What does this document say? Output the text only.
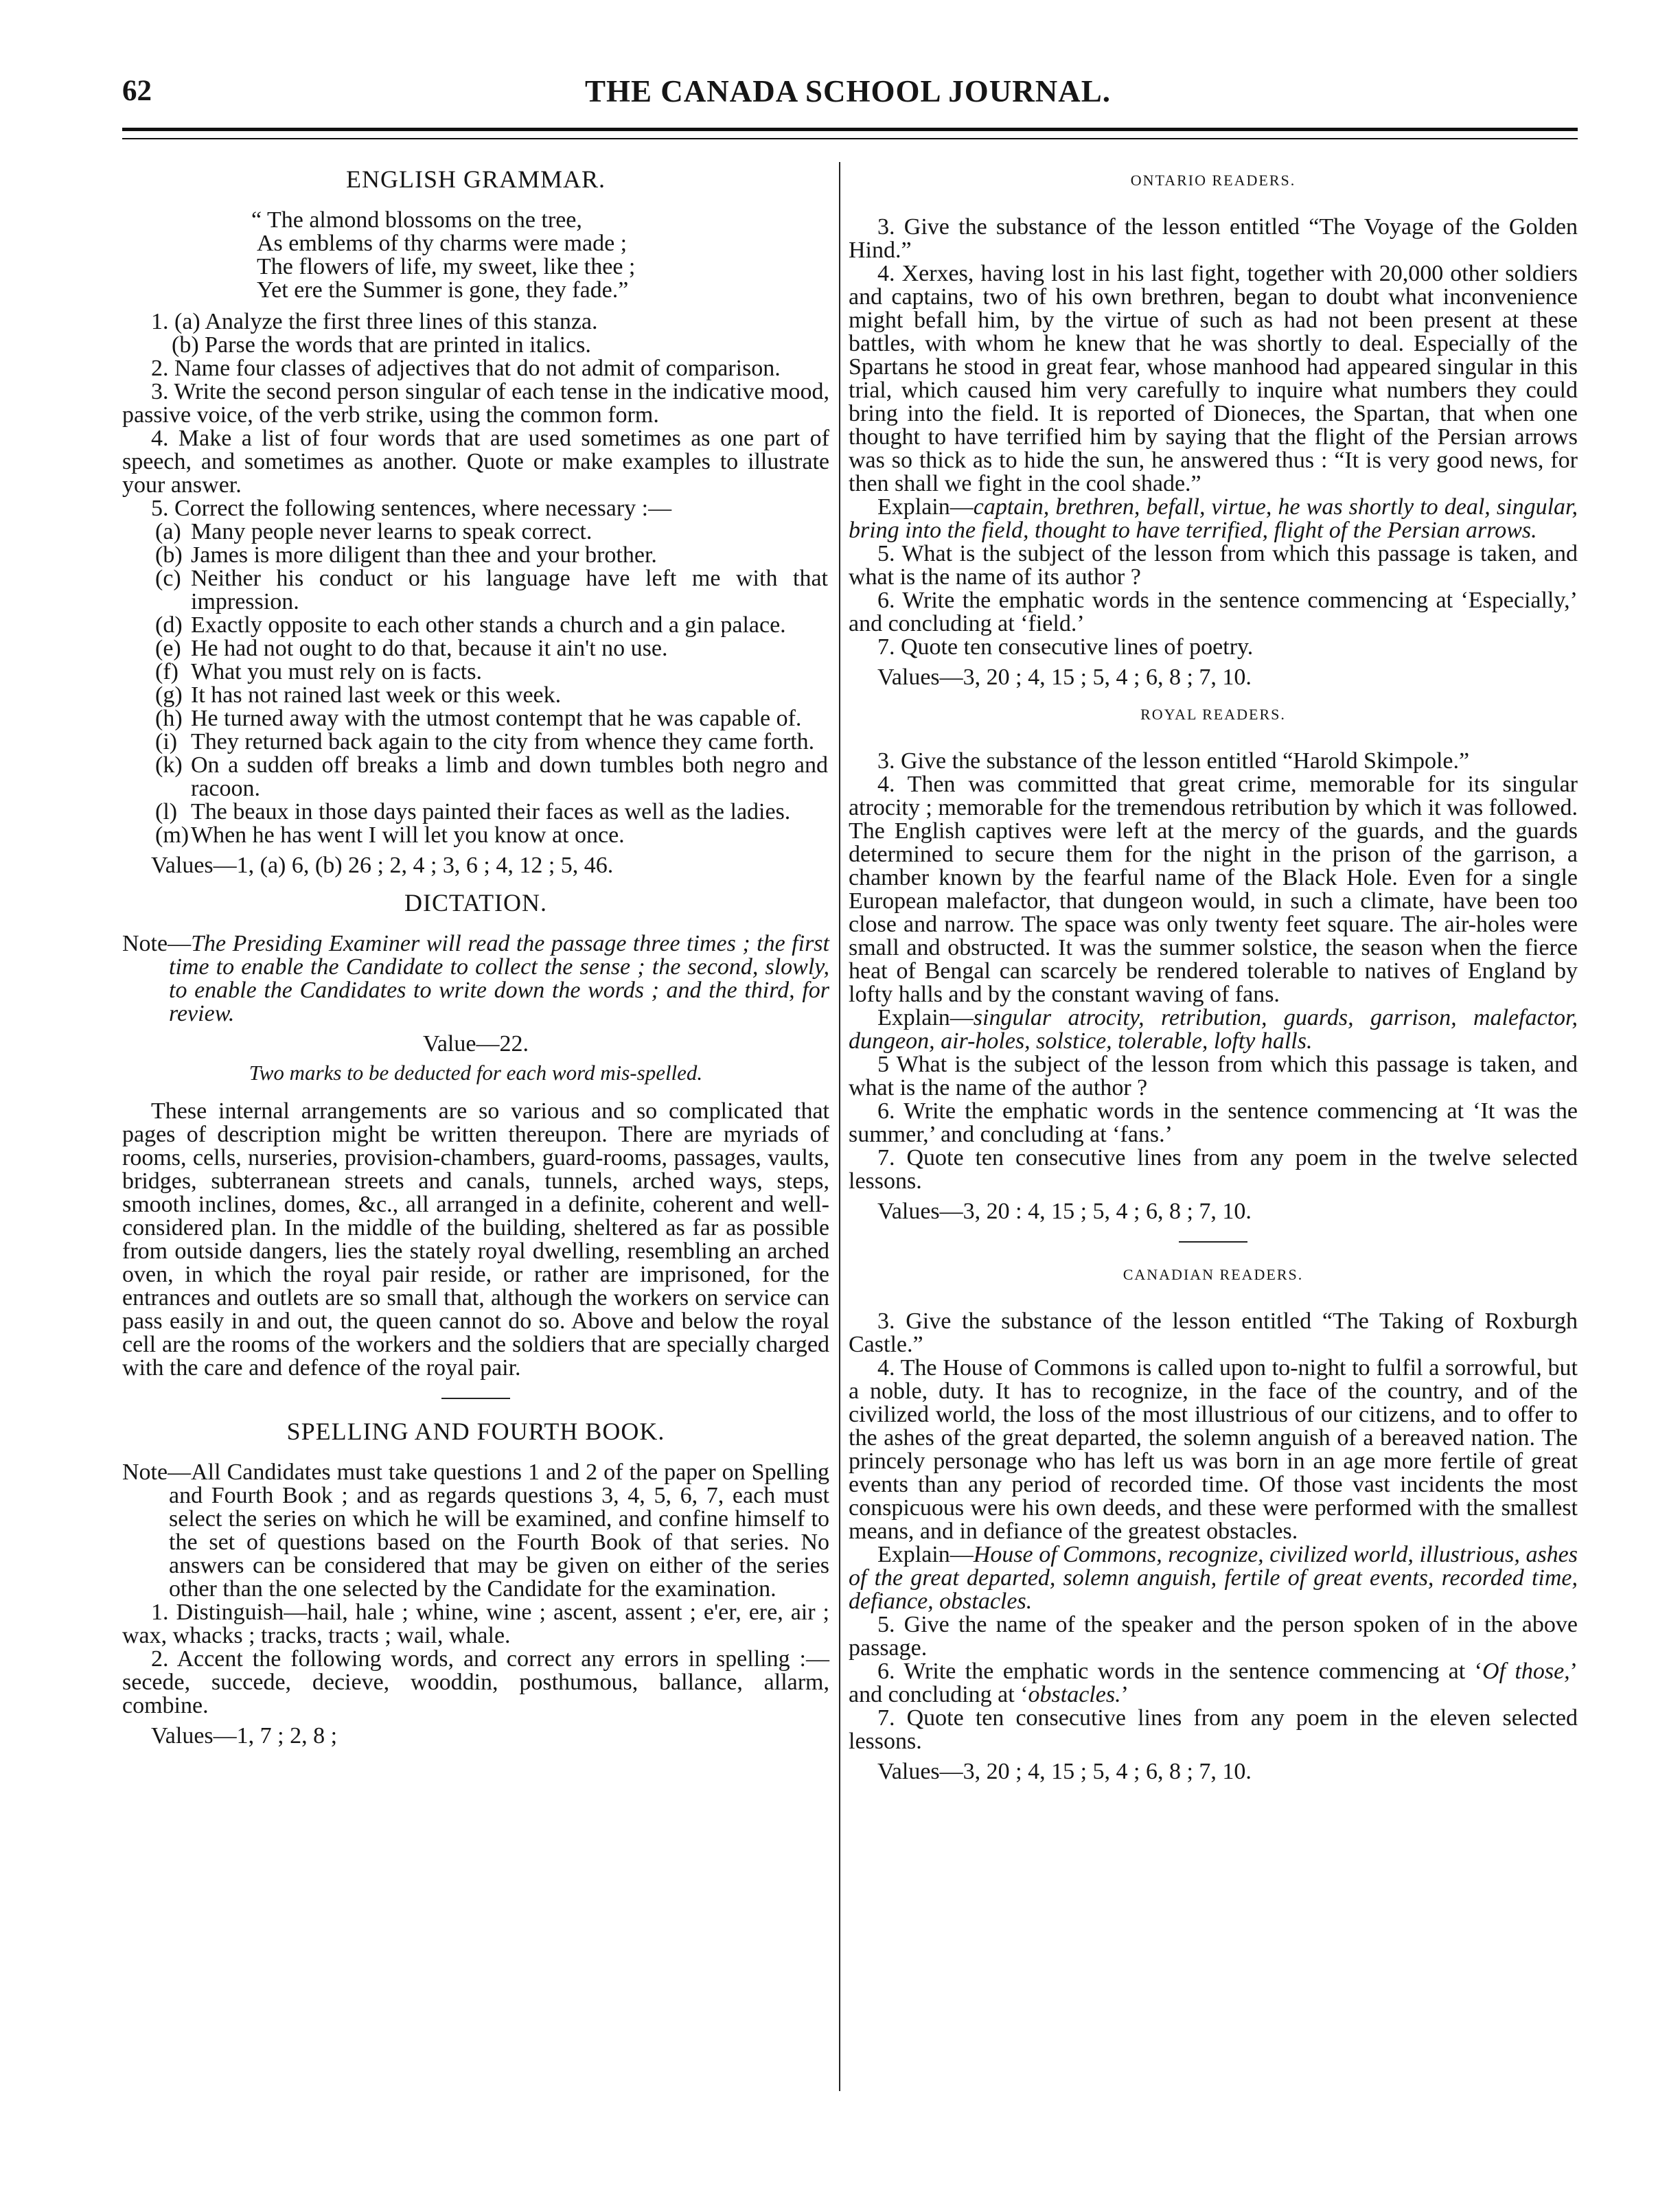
62	THE CANADA SCHOOL JOURNAL.
ENGLISH GRAMMAR.
“ The almond blossoms on the tree,
As emblems of thy charms were made ;
The flowers of life, my sweet, like thee ;
Yet ere the Summer is gone, they fade.”
1. (a) Analyze the first three lines of this stanza.
(b) Parse the words that are printed in italics.

2. Name four classes of adjectives that do not admit of comparison.

3. Write the second person singular of each tense in the indicative mood, passive voice, of the verb strike, using the common form.

4. Make a list of four words that are used sometimes as one part of speech, and sometimes as another. Quote or make examples to illustrate your answer.

5. Correct the following sentences, where necessary :—

(a) Many people never learns to speak correct.
(b) James is more diligent than thee and your brother.
(c) Neither his conduct or his language have left me with that impression.
(d) Exactly opposite to each other stands a church and a gin palace.
(e) He had not ought to do that, because it ain't no use.
(f) What you must rely on is facts.
(g) It has not rained last week or this week.
(h) He turned away with the utmost contempt that he was capable of.
(i) They returned back again to the city from whence they came forth.
(k) On a sudden off breaks a limb and down tumbles both negro and racoon.
(l) The beaux in those days painted their faces as well as the ladies.
(m) When he has went I will let you know at once.
Values—1, (a) 6, (b) 26 ; 2, 4 ; 3, 6 ; 4, 12 ; 5, 46.
DICTATION.

Note—The Presiding Examiner will read the passage three times ; the first time to enable the Candidate to collect the sense ; the second, slowly, to enable the Candidates to write down the words ; and the third, for review.

Value—22.
Two marks to be deducted for each word mis-spelled.

These internal arrangements are so various and so complicated that pages of description might be written thereupon. There are myriads of rooms, cells, nurseries, provision-chambers, guard-rooms, passages, vaults, bridges, subterranean streets and canals, tunnels, arched ways, steps, smooth inclines, domes, &c., all arranged in a definite, coherent and well-considered plan. In the middle of the building, sheltered as far as possible from outside dangers, lies the stately royal dwelling, resembling an arched oven, in which the royal pair reside, or rather are imprisoned, for the entrances and outlets are so small that, although the workers on service can pass easily in and out, the queen cannot do so. Above and below the royal cell are the rooms of the workers and the soldiers that are specially charged with the care and defence of the royal pair.

SPELLING AND FOURTH BOOK.

Note—All Candidates must take questions 1 and 2 of the paper on Spelling and Fourth Book ; and as regards questions 3, 4, 5, 6, 7, each must select the series on which he will be examined, and confine himself to the set of questions based on the Fourth Book of that series. No answers can be considered that may be given on either of the series other than the one selected by the Candidate for the examination.

1. Distinguish—hail, hale ; whine, wine ; ascent, assent ; e'er, ere, air ; wax, whacks ; tracks, tracts ; wail, whale.

2. Accent the following words, and correct any errors in spelling :—secede, succede, decieve, wooddin, posthumous, ballance, allarm, combine.

Values—1, 7 ; 2, 8 ;
ONTARIO READERS.

3. Give the substance of the lesson entitled “The Voyage of the Golden Hind.”

4. Xerxes, having lost in his last fight, together with 20,000 other soldiers and captains, two of his own brethren, began to doubt what inconvenience might befall him, by the virtue of such as had not been present at these battles, with whom he knew that he was shortly to deal. Especially of the Spartans he stood in great fear, whose manhood had appeared singular in this trial, which caused him very carefully to inquire what numbers they could bring into the field. It is reported of Dioneces, the Spartan, that when one thought to have terrified him by saying that the flight of the Persian arrows was so thick as to hide the sun, he answered thus : “It is very good news, for then shall we fight in the cool shade.”

Explain—captain, brethren, befall, virtue, he was shortly to deal, singular, bring into the field, thought to have terrified, flight of the Persian arrows.

5. What is the subject of the lesson from which this passage is taken, and what is the name of its author ?

6. Write the emphatic words in the sentence commencing at ‘Especially,’ and concluding at ‘field.’

7. Quote ten consecutive lines of poetry.

Values—3, 20 ; 4, 15 ; 5, 4 ; 6, 8 ; 7, 10.
ROYAL READERS.

3. Give the substance of the lesson entitled “Harold Skimpole.”

4. Then was committed that great crime, memorable for its singular atrocity ; memorable for the tremendous retribution by which it was followed. The English captives were left at the mercy of the guards, and the guards determined to secure them for the night in the prison of the garrison, a chamber known by the fearful name of the Black Hole. Even for a single European malefactor, that dungeon would, in such a climate, have been too close and narrow. The space was only twenty feet square. The air-holes were small and obstructed. It was the summer solstice, the season when the fierce heat of Bengal can scarcely be rendered tolerable to natives of England by lofty halls and by the constant waving of fans.

Explain—singular atrocity, retribution, guards, garrison, malefactor, dungeon, air-holes, solstice, tolerable, lofty halls.

5 What is the subject of the lesson from which this passage is taken, and what is the name of the author ?

6. Write the emphatic words in the sentence commencing at ‘It was the summer,’ and concluding at ‘fans.’

7. Quote ten consecutive lines from any poem in the twelve selected lessons.

Values—3, 20 : 4, 15 ; 5, 4 ; 6, 8 ; 7, 10.
CANADIAN READERS.

3. Give the substance of the lesson entitled “The Taking of Roxburgh Castle.”

4. The House of Commons is called upon to-night to fulfil a sorrowful, but a noble, duty. It has to recognize, in the face of the country, and of the civilized world, the loss of the most illustrious of our citizens, and to offer to the ashes of the great departed, the solemn anguish of a bereaved nation. The princely personage who has left us was born in an age more fertile of great events than any period of recorded time. Of those vast incidents the most conspicuous were his own deeds, and these were performed with the smallest means, and in defiance of the greatest obstacles.

Explain—House of Commons, recognize, civilized world, illustrious, ashes of the great departed, solemn anguish, fertile of great events, recorded time, defiance, obstacles.

5. Give the name of the speaker and the person spoken of in the above passage.

6. Write the emphatic words in the sentence commencing at ‘Of those,’ and concluding at ‘obstacles.’

7. Quote ten consecutive lines from any poem in the eleven selected lessons.

Values—3, 20 ; 4, 15 ; 5, 4 ; 6, 8 ; 7, 10.
